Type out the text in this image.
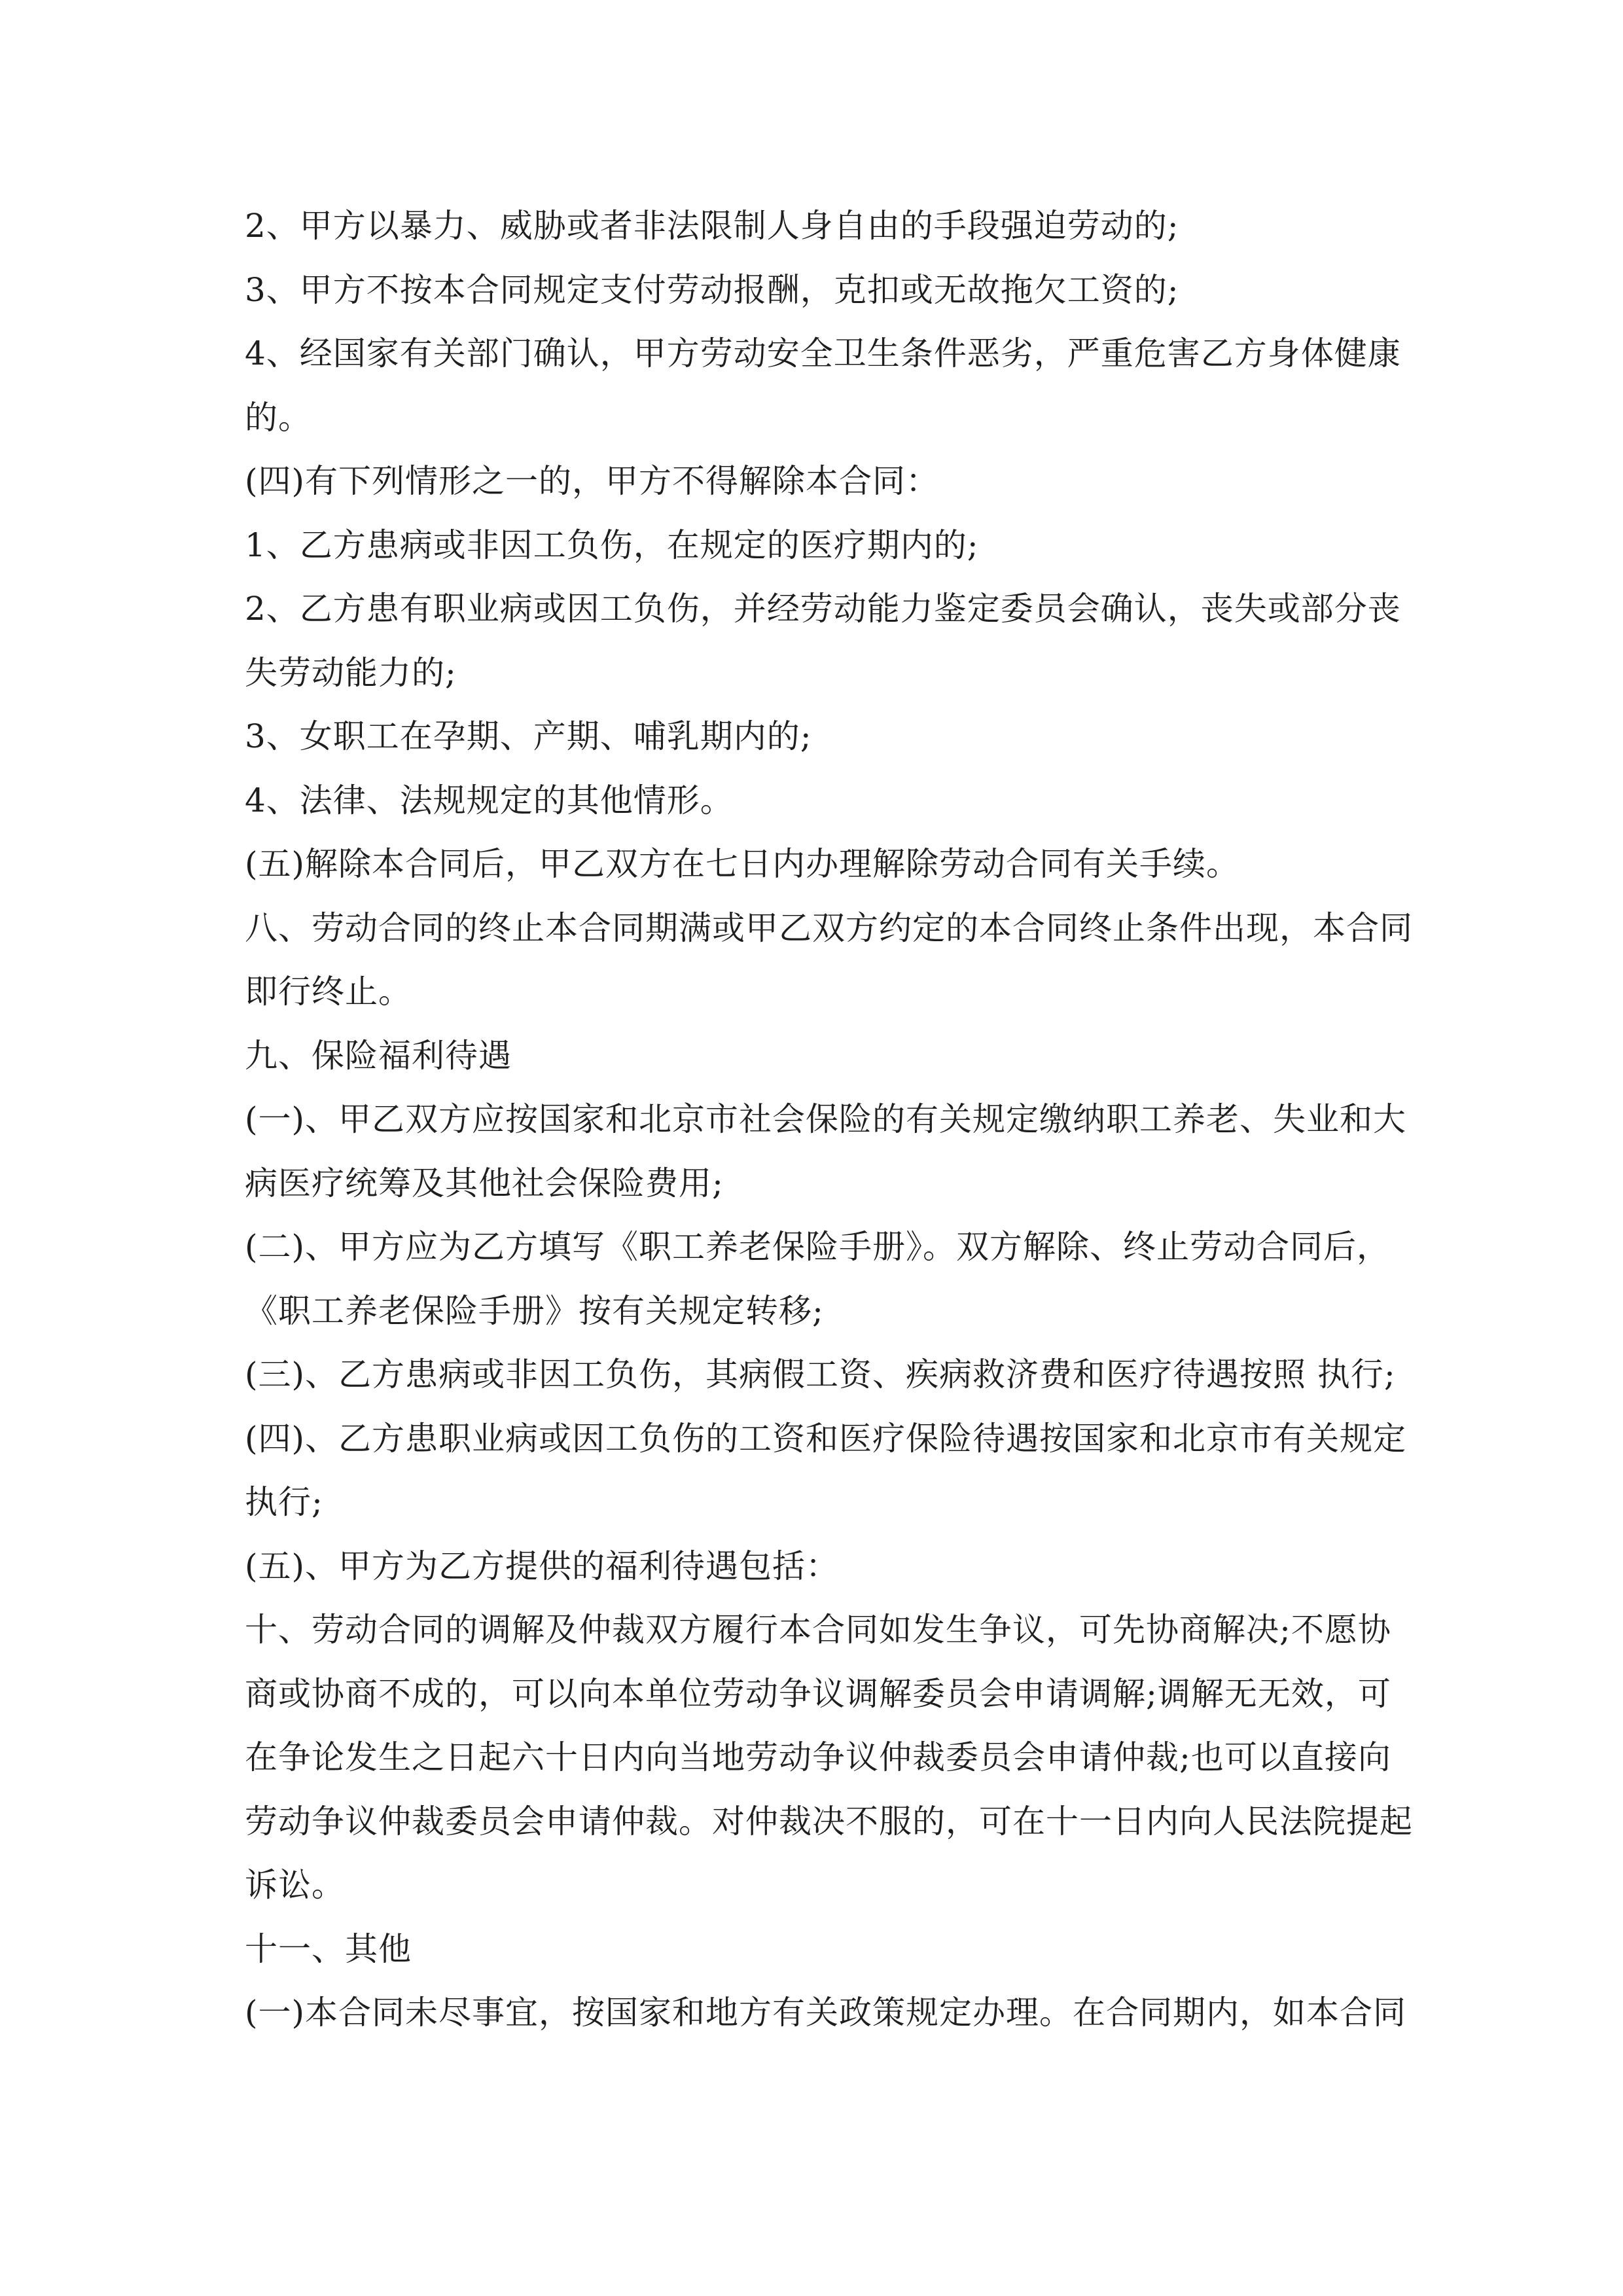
2、甲方以暴力、威胁或者非法限制人身自由的手段强迫劳动的;
3、甲方不按本合同规定支付劳动报酬，克扣或无故拖欠工资的;
4、经国家有关部门确认，甲方劳动安全卫生条件恶劣，严重危害乙方身体健康
的。
(四)有下列情形之一的，甲方不得解除本合同：
1、乙方患病或非因工负伤，在规定的医疗期内的;
2、乙方患有职业病或因工负伤，并经劳动能力鉴定委员会确认，丧失或部分丧
失劳动能力的;
3、女职工在孕期、产期、哺乳期内的;
4、法律、法规规定的其他情形。
(五)解除本合同后，甲乙双方在七日内办理解除劳动合同有关手续。
八、劳动合同的终止本合同期满或甲乙双方约定的本合同终止条件出现，本合同
即行终止。
九、保险福利待遇
(一)、甲乙双方应按国家和北京市社会保险的有关规定缴纳职工养老、失业和大
病医疗统筹及其他社会保险费用;
(二)、甲方应为乙方填写《职工养老保险手册》。双方解除、终止劳动合同后，
《职工养老保险手册》按有关规定转移;
(三)、乙方患病或非因工负伤，其病假工资、疾病救济费和医疗待遇按照 执行;
(四)、乙方患职业病或因工负伤的工资和医疗保险待遇按国家和北京市有关规定
执行;
(五)、甲方为乙方提供的福利待遇包括：
十、劳动合同的调解及仲裁双方履行本合同如发生争议，可先协商解决;不愿协
商或协商不成的，可以向本单位劳动争议调解委员会申请调解;调解无无效，可
在争论发生之日起六十日内向当地劳动争议仲裁委员会申请仲裁;也可以直接向
劳动争议仲裁委员会申请仲裁。对仲裁决不服的，可在十一日内向人民法院提起
诉讼。
十一、其他
(一)本合同未尽事宜，按国家和地方有关政策规定办理。在合同期内，如本合同
